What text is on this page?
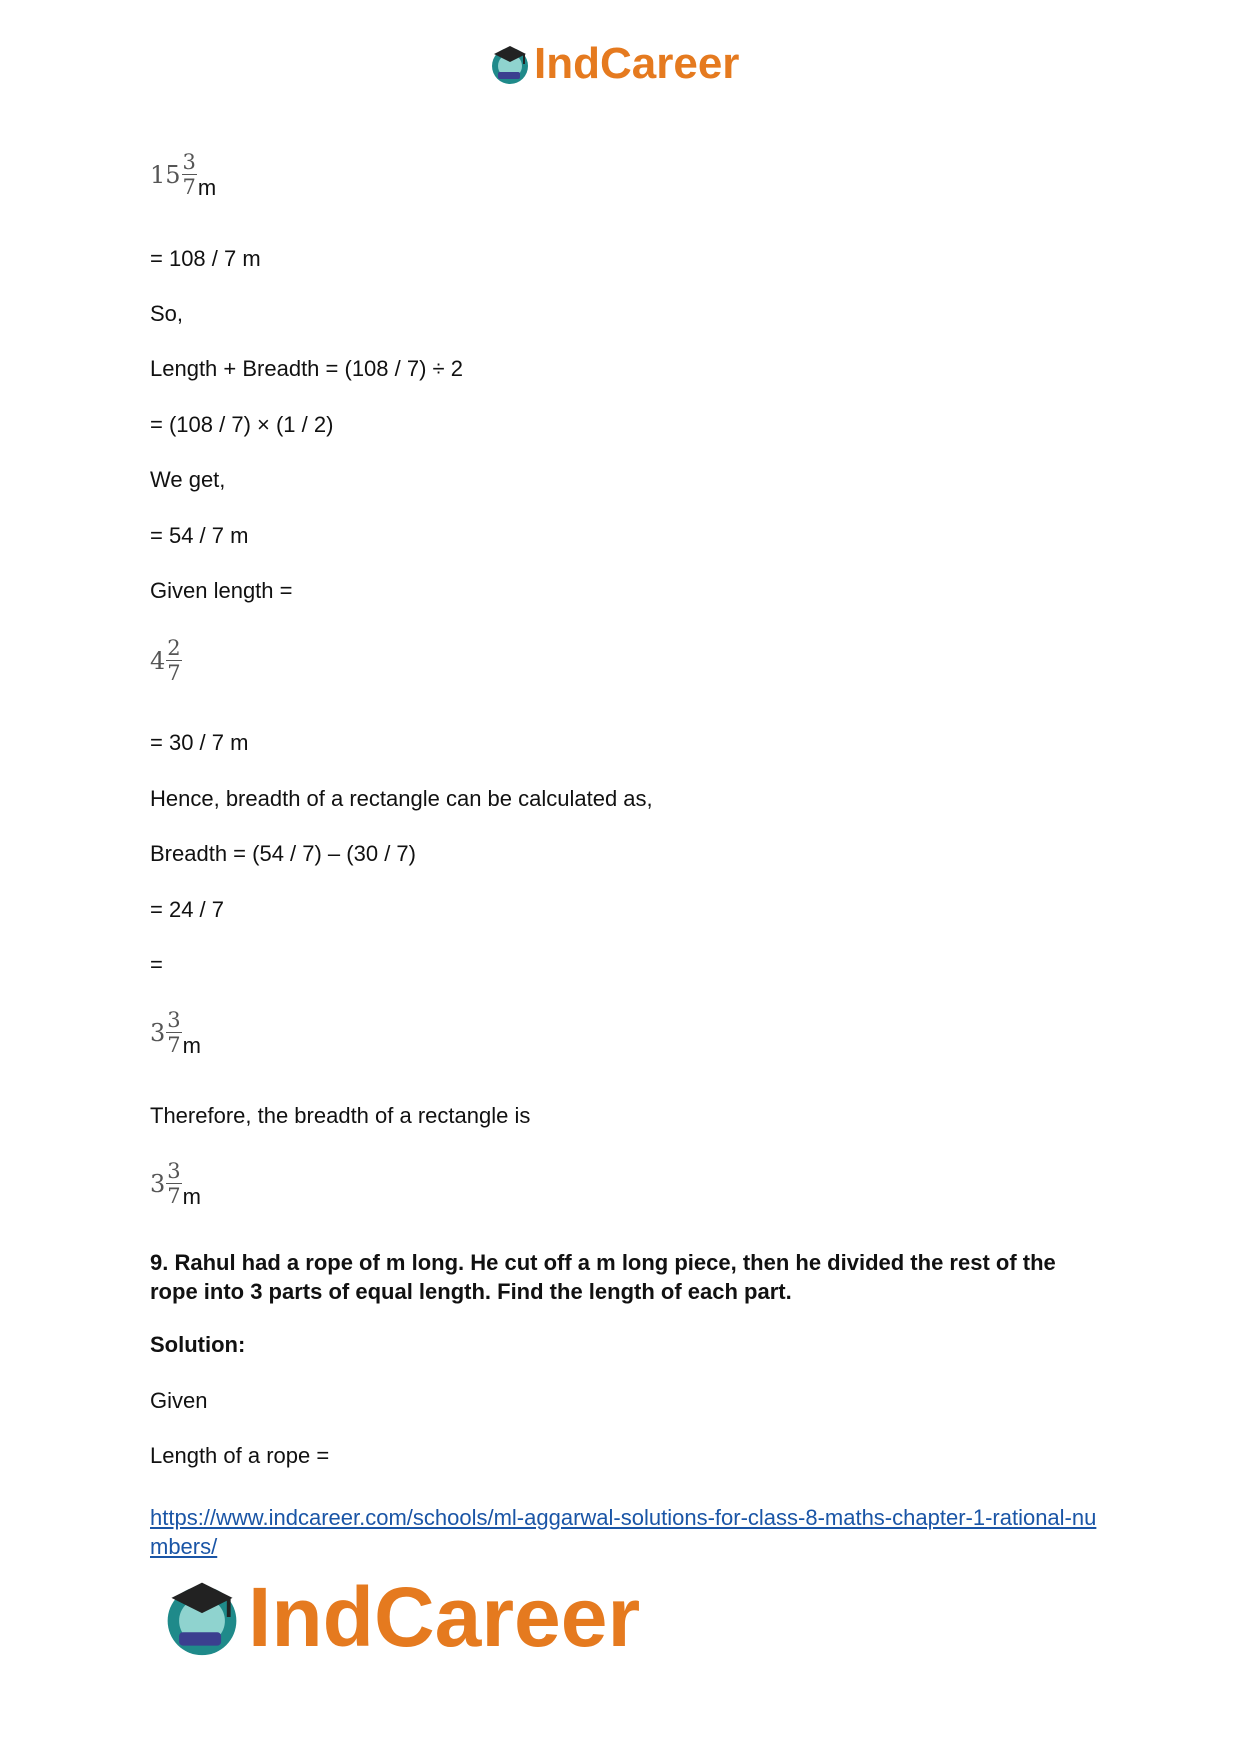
IndCareer
$15 \frac{3}{7}$ m
= 108 / 7 m
So,
Length + Breadth = (108 / 7) ÷ 2
= (108 / 7) × (1 / 2)
We get,
= 54 / 7 m
Given length =
$4 \frac{2}{7}$
= 30 / 7 m
Hence, breadth of a rectangle can be calculated as,
Breadth = (54 / 7) – (30 / 7)
= 24 / 7
=
$3 \frac{3}{7}$ m
Therefore, the breadth of a rectangle is
$3 \frac{3}{7}$ m
9. Rahul had a rope of m long. He cut off a m long piece, then he divided the rest of the rope into 3 parts of equal length. Find the length of each part.
Solution:
Given
Length of a rope =
https://www.indcareer.com/schools/ml-aggarwal-solutions-for-class-8-maths-chapter-1-rational-numbers/
IndCareer
